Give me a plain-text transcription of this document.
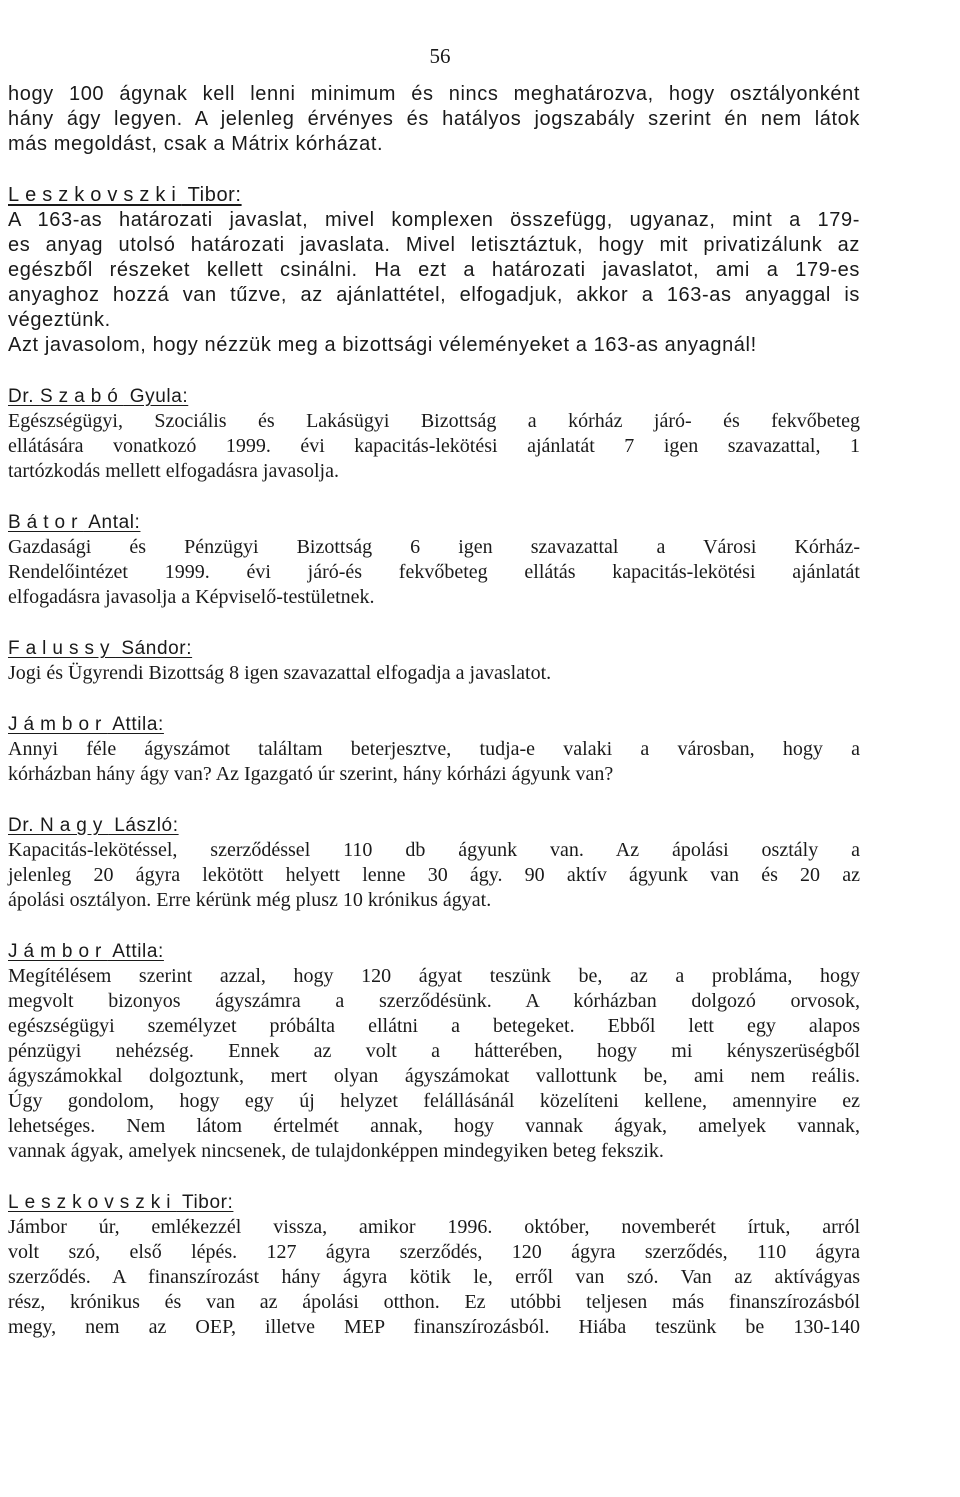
56
hogy 100 ágynak kell lenni minimum és nincs meghatározva, hogy osztályonként
hány ágy legyen. A jelenleg érvényes és hatályos jogszabály szerint én nem látok
más megoldást, csak a Mátrix kórházat.
Leszkovszki Tibor:
A 163-as határozati javaslat, mivel komplexen összefügg, ugyanaz, mint a 179-
es anyag utolsó határozati javaslata. Mivel letisztáztuk, hogy mit privatizálunk az
egészből részeket kellett csinálni. Ha ezt a határozati javaslatot, ami a 179-es
anyaghoz hozzá van tűzve, az ajánlattétel, elfogadjuk, akkor a 163-as anyaggal is
végeztünk.
Azt javasolom, hogy nézzük meg a bizottsági véleményeket a 163-as anyagnál!
Dr. Szabó Gyula:
Egészségügyi, Szociális és Lakásügyi Bizottság a kórház járó- és fekvőbeteg
ellátására vonatkozó 1999. évi kapacitás-lekötési ajánlatát 7 igen szavazattal, 1
tartózkodás mellett elfogadásra javasolja.
Bátor Antal:
Gazdasági és Pénzügyi Bizottság 6 igen szavazattal a Városi Kórház-
Rendelőintézet 1999. évi járó-és fekvőbeteg ellátás kapacitás-lekötési ajánlatát
elfogadásra javasolja a Képviselő-testületnek.
Falussy Sándor:
Jogi és Ügyrendi Bizottság 8 igen szavazattal elfogadja a javaslatot.
Jámbor Attila:
Annyi féle ágyszámot találtam beterjesztve, tudja-e valaki a városban, hogy a
kórházban hány ágy van? Az Igazgató úr szerint, hány kórházi ágyunk van?
Dr. Nagy László:
Kapacitás-lekötéssel, szerződéssel 110 db ágyunk van. Az ápolási osztály a
jelenleg 20 ágyra lekötött helyett lenne 30 ágy. 90 aktív ágyunk van és 20 az
ápolási osztályon. Erre kérünk még plusz 10 krónikus ágyat.
Jámbor Attila:
Megítélésem szerint azzal, hogy 120 ágyat teszünk be, az a probláma, hogy
megvolt bizonyos ágyszámra a szerződésünk. A kórházban dolgozó orvosok,
egészségügyi személyzet próbálta ellátni a betegeket. Ebből lett egy alapos
pénzügyi nehézség. Ennek az volt a hátterében, hogy mi kényszerüségből
ágyszámokkal dolgoztunk, mert olyan ágyszámokat vallottunk be, ami nem reális.
Úgy gondolom, hogy egy új helyzet felállásánál közelíteni kellene, amennyire ez
lehetséges. Nem látom értelmét annak, hogy vannak ágyak, amelyek vannak,
vannak ágyak, amelyek nincsenek, de tulajdonképpen mindegyiken beteg fekszik.
Leszkovszki Tibor:
Jámbor úr, emlékezzél vissza, amikor 1996. október, novemberét írtuk, arról
volt szó, első lépés. 127 ágyra szerződés, 120 ágyra szerződés, 110 ágyra
szerződés. A finanszírozást hány ágyra kötik le, erről van szó. Van az aktívágyas
rész, krónikus és van az ápolási otthon. Ez utóbbi teljesen más finanszírozásból
megy, nem az OEP, illetve MEP finanszírozásból. Hiába teszünk be 130-140
